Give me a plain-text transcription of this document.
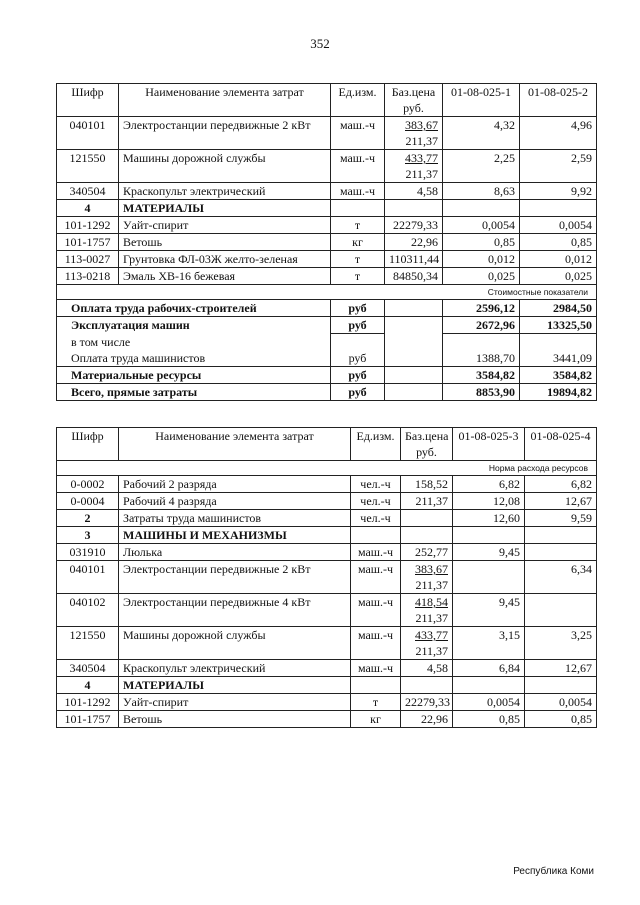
352
Шифр	Наименование элемента затрат	Ед.изм.	Баз.цена руб.	01-08-025-1	01-08-025-2
040101	Электростанции передвижные 2 кВт	маш.-ч	383,67
211,37	4,32	4,96
121550	Машины дорожной службы	маш.-ч	433,77
211,37	2,25	2,59
340504	Краскопульт электрический	маш.-ч	4,58	8,63	9,92
4	МАТЕРИАЛЫ				
101-1292	Уайт-спирит	т	22279,33	0,0054	0,0054
101-1757	Ветошь	кг	22,96	0,85	0,85
113-0027	Грунтовка ФЛ-03Ж желто-зеленая	т	110311,44	0,012	0,012
113-0218	Эмаль ХВ-16 бежевая	т	84850,34	0,025	0,025
Стоимостные показатели					
Оплата труда рабочих-строителей		руб		2596,12	2984,50
Эксплуатация машин		руб		2672,96	13325,50
в том числе					
Оплата труда машинистов		руб		1388,70	3441,09
Материальные ресурсы		руб		3584,82	3584,82
Всего, прямые затраты		руб		8853,90	19894,82
Шифр	Наименование элемента затрат	Ед.изм.	Баз.цена руб.	01-08-025-3	01-08-025-4
Норма расхода ресурсов					
0-0002	Рабочий 2 разряда	чел.-ч	158,52	6,82	6,82
0-0004	Рабочий 4 разряда	чел.-ч	211,37	12,08	12,67
2	Затраты труда машинистов	чел.-ч		12,60	9,59
3	МАШИНЫ И МЕХАНИЗМЫ				
031910	Люлька	маш.-ч	252,77	9,45	
040101	Электростанции передвижные 2 кВт	маш.-ч	383,67
211,37		6,34
040102	Электростанции передвижные 4 кВт	маш.-ч	418,54
211,37	9,45	
121550	Машины дорожной службы	маш.-ч	433,77
211,37	3,15	3,25
340504	Краскопульт электрический	маш.-ч	4,58	6,84	12,67
4	МАТЕРИАЛЫ				
101-1292	Уайт-спирит	т	22279,33	0,0054	0,0054
101-1757	Ветошь	кг	22,96	0,85	0,85
Республика Коми
